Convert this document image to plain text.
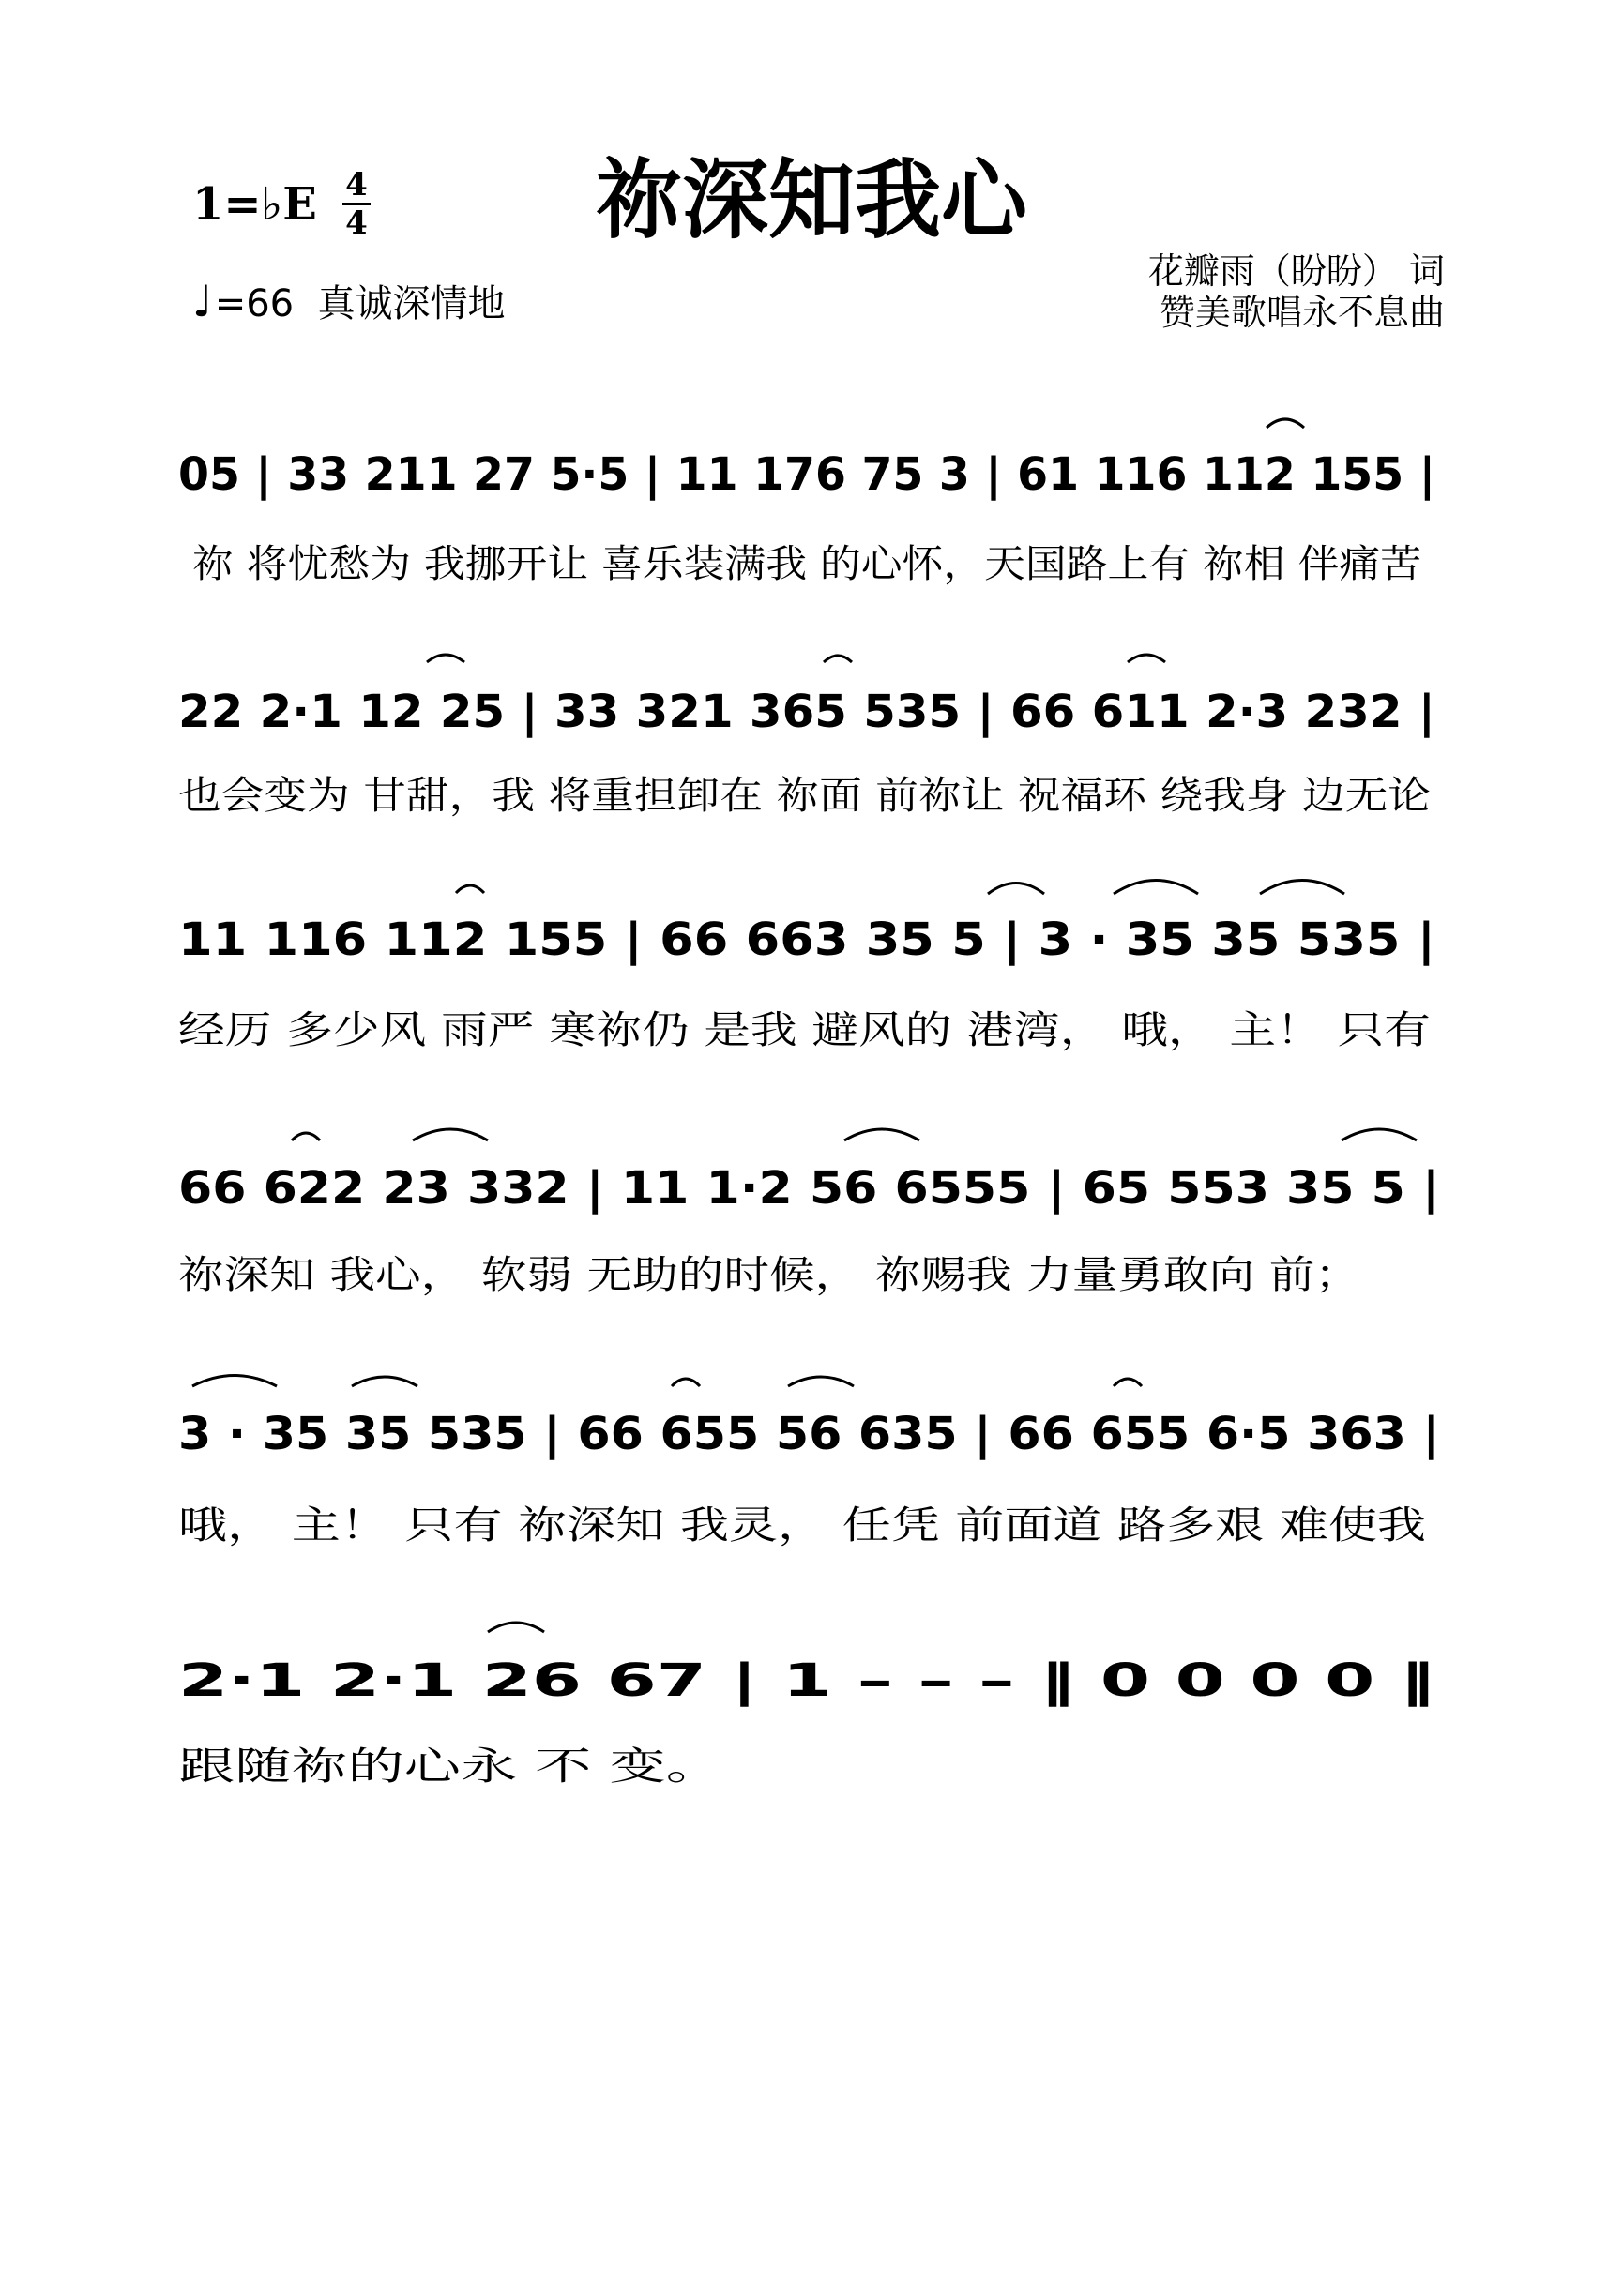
祢深知我心
1=♭E 4
4
♩=66 真诚深情地
花瓣雨（盼盼） 词
赞美歌唱永不息曲
05 | 33 211 27 5·5 | 11 176 75 3 | 61 116 112 155 |
祢 将忧愁为 我挪开让 喜乐装满我 的心怀，天国路上有 祢相 伴痛苦
22 2·1 12 25 | 33 321 365 535 | 66 611 2·3 232 |
也会变为 甘甜，我 将重担卸在 祢面 前祢让 祝福环 绕我身 边无论
11 116 112 155 | 66 663 35 5 | 3 · 35 35 535 |
经历 多少风 雨严 寒祢仍 是我 避风的 港湾， 哦， 主！ 只有
66 622 23 332 | 11 1·2 56 6555 | 65 553 35 5 |
祢深知 我心， 软弱 无助的时候， 祢赐我 力量勇敢向 前；
3 · 35 35 535 | 66 655 56 635 | 66 655 6·5 363 |
哦， 主！ 只有 祢深知 我灵， 任凭 前面道 路多艰 难使我
2·1 2·1 26 67 | 1 – – – ‖ 0 0 0 0 ‖
跟随祢的心永 不 变。
